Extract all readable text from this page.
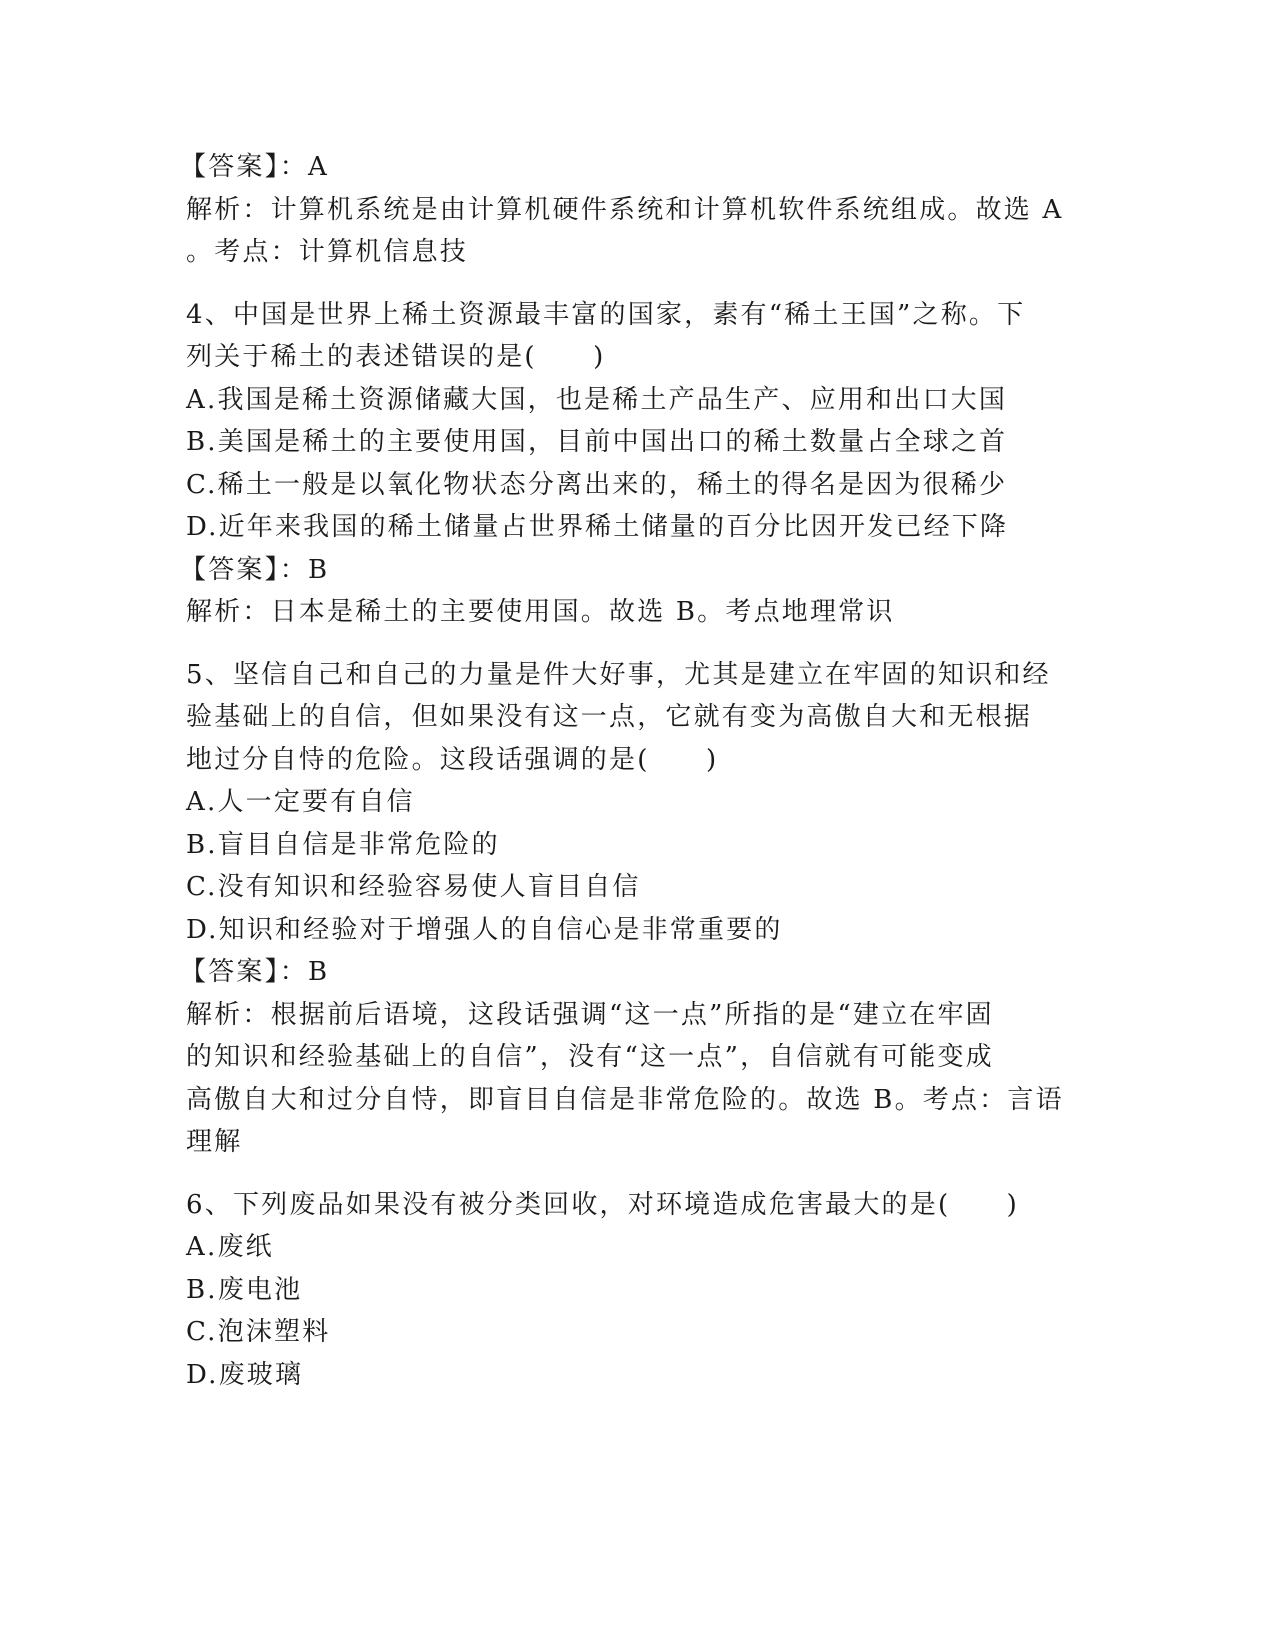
【答案】：A
解析：计算机系统是由计算机硬件系统和计算机软件系统组成。故选 A
。考点：计算机信息技
4、中国是世界上稀土资源最丰富的国家，素有“稀土王国”之称。下
列关于稀土的表述错误的是(　　)
A.我国是稀土资源储藏大国，也是稀土产品生产、应用和出口大国
B.美国是稀土的主要使用国，目前中国出口的稀土数量占全球之首
C.稀土一般是以氧化物状态分离出来的，稀土的得名是因为很稀少
D.近年来我国的稀土储量占世界稀土储量的百分比因开发已经下降
【答案】：B
解析：日本是稀土的主要使用国。故选 B。考点地理常识
5、坚信自己和自己的力量是件大好事，尤其是建立在牢固的知识和经
验基础上的自信，但如果没有这一点，它就有变为高傲自大和无根据
地过分自恃的危险。这段话强调的是(　　)
A.人一定要有自信
B.盲目自信是非常危险的
C.没有知识和经验容易使人盲目自信
D.知识和经验对于增强人的自信心是非常重要的
【答案】：B
解析：根据前后语境，这段话强调“这一点”所指的是“建立在牢固
的知识和经验基础上的自信”，没有“这一点”，自信就有可能变成
高傲自大和过分自恃，即盲目自信是非常危险的。故选 B。考点：言语
理解
6、下列废品如果没有被分类回收，对环境造成危害最大的是(　　)
A.废纸
B.废电池
C.泡沫塑料
D.废玻璃
